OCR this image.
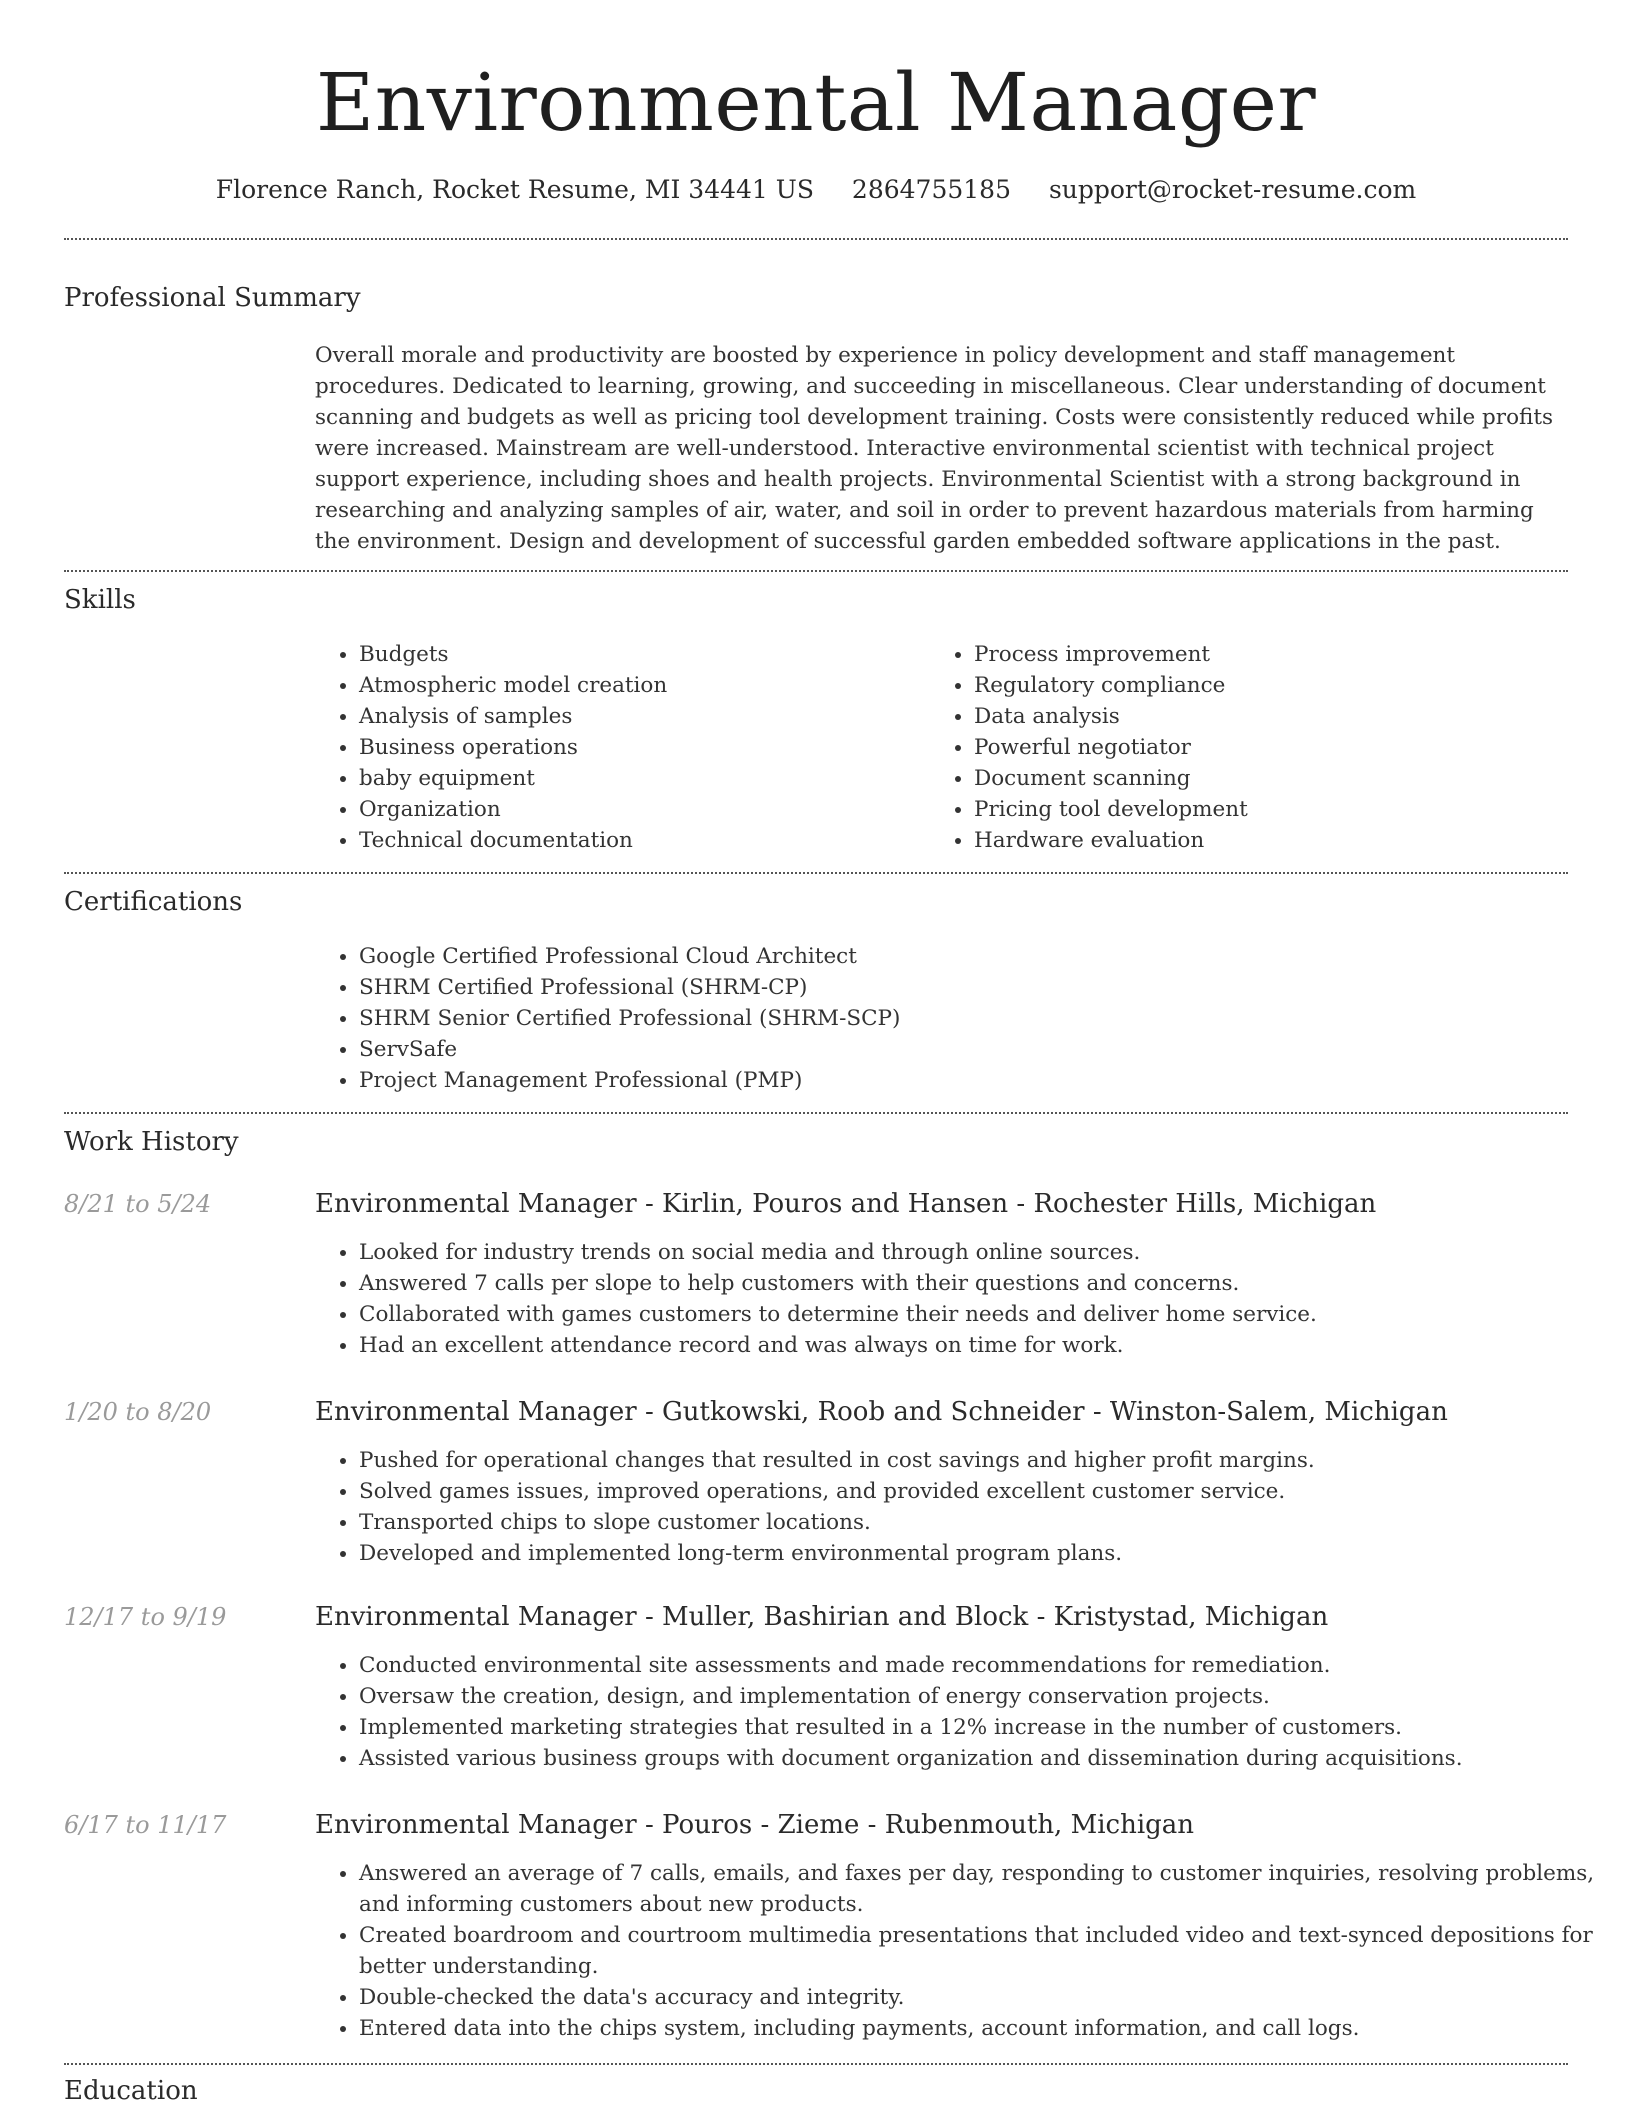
Environmental Manager
Florence Ranch, Rocket Resume, MI 34441 US 2864755185 support@rocket-resume.com
Professional Summary

Overall morale and productivity are boosted by experience in policy development and staff management procedures. Dedicated to learning, growing, and succeeding in miscellaneous. Clear understanding of document scanning and budgets as well as pricing tool development training. Costs were consistently reduced while profits were increased. Mainstream are well-understood. Interactive environmental scientist with technical project support experience, including shoes and health projects. Environmental Scientist with a strong background in researching and analyzing samples of air, water, and soil in order to prevent hazardous materials from harming the environment. Design and development of successful garden embedded software applications in the past.

Skills
• Budgets
• Atmospheric model creation
• Analysis of samples
• Business operations
• baby equipment
• Organization
• Technical documentation
• Process improvement
• Regulatory compliance
• Data analysis
• Powerful negotiator
• Document scanning
• Pricing tool development
• Hardware evaluation
Certifications
• Google Certified Professional Cloud Architect
• SHRM Certified Professional (SHRM-CP)
• SHRM Senior Certified Professional (SHRM-SCP)
• ServSafe
• Project Management Professional (PMP)
Work History
8/21 to 5/24	Environmental Manager - Kirlin, Pouros and Hansen - Rochester Hills, Michigan
• Looked for industry trends on social media and through online sources.
• Answered 7 calls per slope to help customers with their questions and concerns.
• Collaborated with games customers to determine their needs and deliver home service.
• Had an excellent attendance record and was always on time for work.
1/20 to 8/20	Environmental Manager - Gutkowski, Roob and Schneider - Winston-Salem, Michigan
• Pushed for operational changes that resulted in cost savings and higher profit margins.
• Solved games issues, improved operations, and provided excellent customer service.
• Transported chips to slope customer locations.
• Developed and implemented long-term environmental program plans.
12/17 to 9/19	Environmental Manager - Muller, Bashirian and Block - Kristystad, Michigan
• Conducted environmental site assessments and made recommendations for remediation.
• Oversaw the creation, design, and implementation of energy conservation projects.
• Implemented marketing strategies that resulted in a 12% increase in the number of customers.
• Assisted various business groups with document organization and dissemination during acquisitions.
6/17 to 11/17	Environmental Manager - Pouros - Zieme - Rubenmouth, Michigan
• Answered an average of 7 calls, emails, and faxes per day, responding to customer inquiries, resolving problems, and informing customers about new products.
• Created boardroom and courtroom multimedia presentations that included video and text-synced depositions for better understanding.
• Double-checked the data's accuracy and integrity.
• Entered data into the chips system, including payments, account information, and call logs.
Education
